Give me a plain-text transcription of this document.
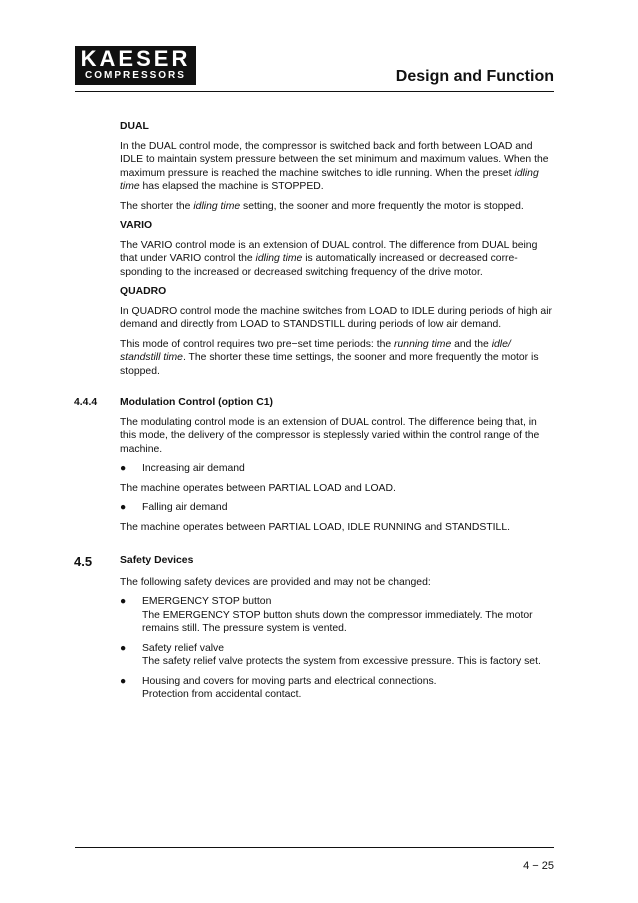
KAESER
COMPRESSORS	Design and Function

DUAL

In the DUAL control mode, the compressor is switched back and forth between LOAD and IDLE to maintain system pressure between the set minimum and maximum values. When the maximum pressure is reached the machine switches to idle running. When the preset idling time has elapsed the machine is STOPPED.

The shorter the idling time setting, the sooner and more frequently the motor is stopped.

VARIO

The VARIO control mode is an extension of DUAL control. The difference from DUAL being that under VARIO control the idling time is automatically increased or decreased corre-sponding to the increased or decreased switching frequency of the drive motor.

QUADRO

In QUADRO control mode the machine switches from LOAD to IDLE during periods of high air demand and directly from LOAD to STANDSTILL during periods of low air demand.

This mode of control requires two pre−set time periods: the running time and the idle/ standstill time. The shorter these time settings, the sooner and more frequently the motor is stopped.

4.4.4 Modulation Control (option C1)

The modulating control mode is an extension of DUAL control. The difference being that, in this mode, the delivery of the compressor is steplessly varied within the control range of the machine.

● Increasing air demand

The machine operates between PARTIAL LOAD and LOAD.

● Falling air demand

The machine operates between PARTIAL LOAD, IDLE RUNNING and STANDSTILL.

4.5	Safety Devices

The following safety devices are provided and may not be changed:

● EMERGENCY STOP button
The EMERGENCY STOP button shuts down the compressor immediately. The motor remains still. The pressure system is vented.
● Safety relief valve
The safety relief valve protects the system from excessive pressure. This is factory set.
● Housing and covers for moving parts and electrical connections.
Protection from accidental contact.
4 − 25
